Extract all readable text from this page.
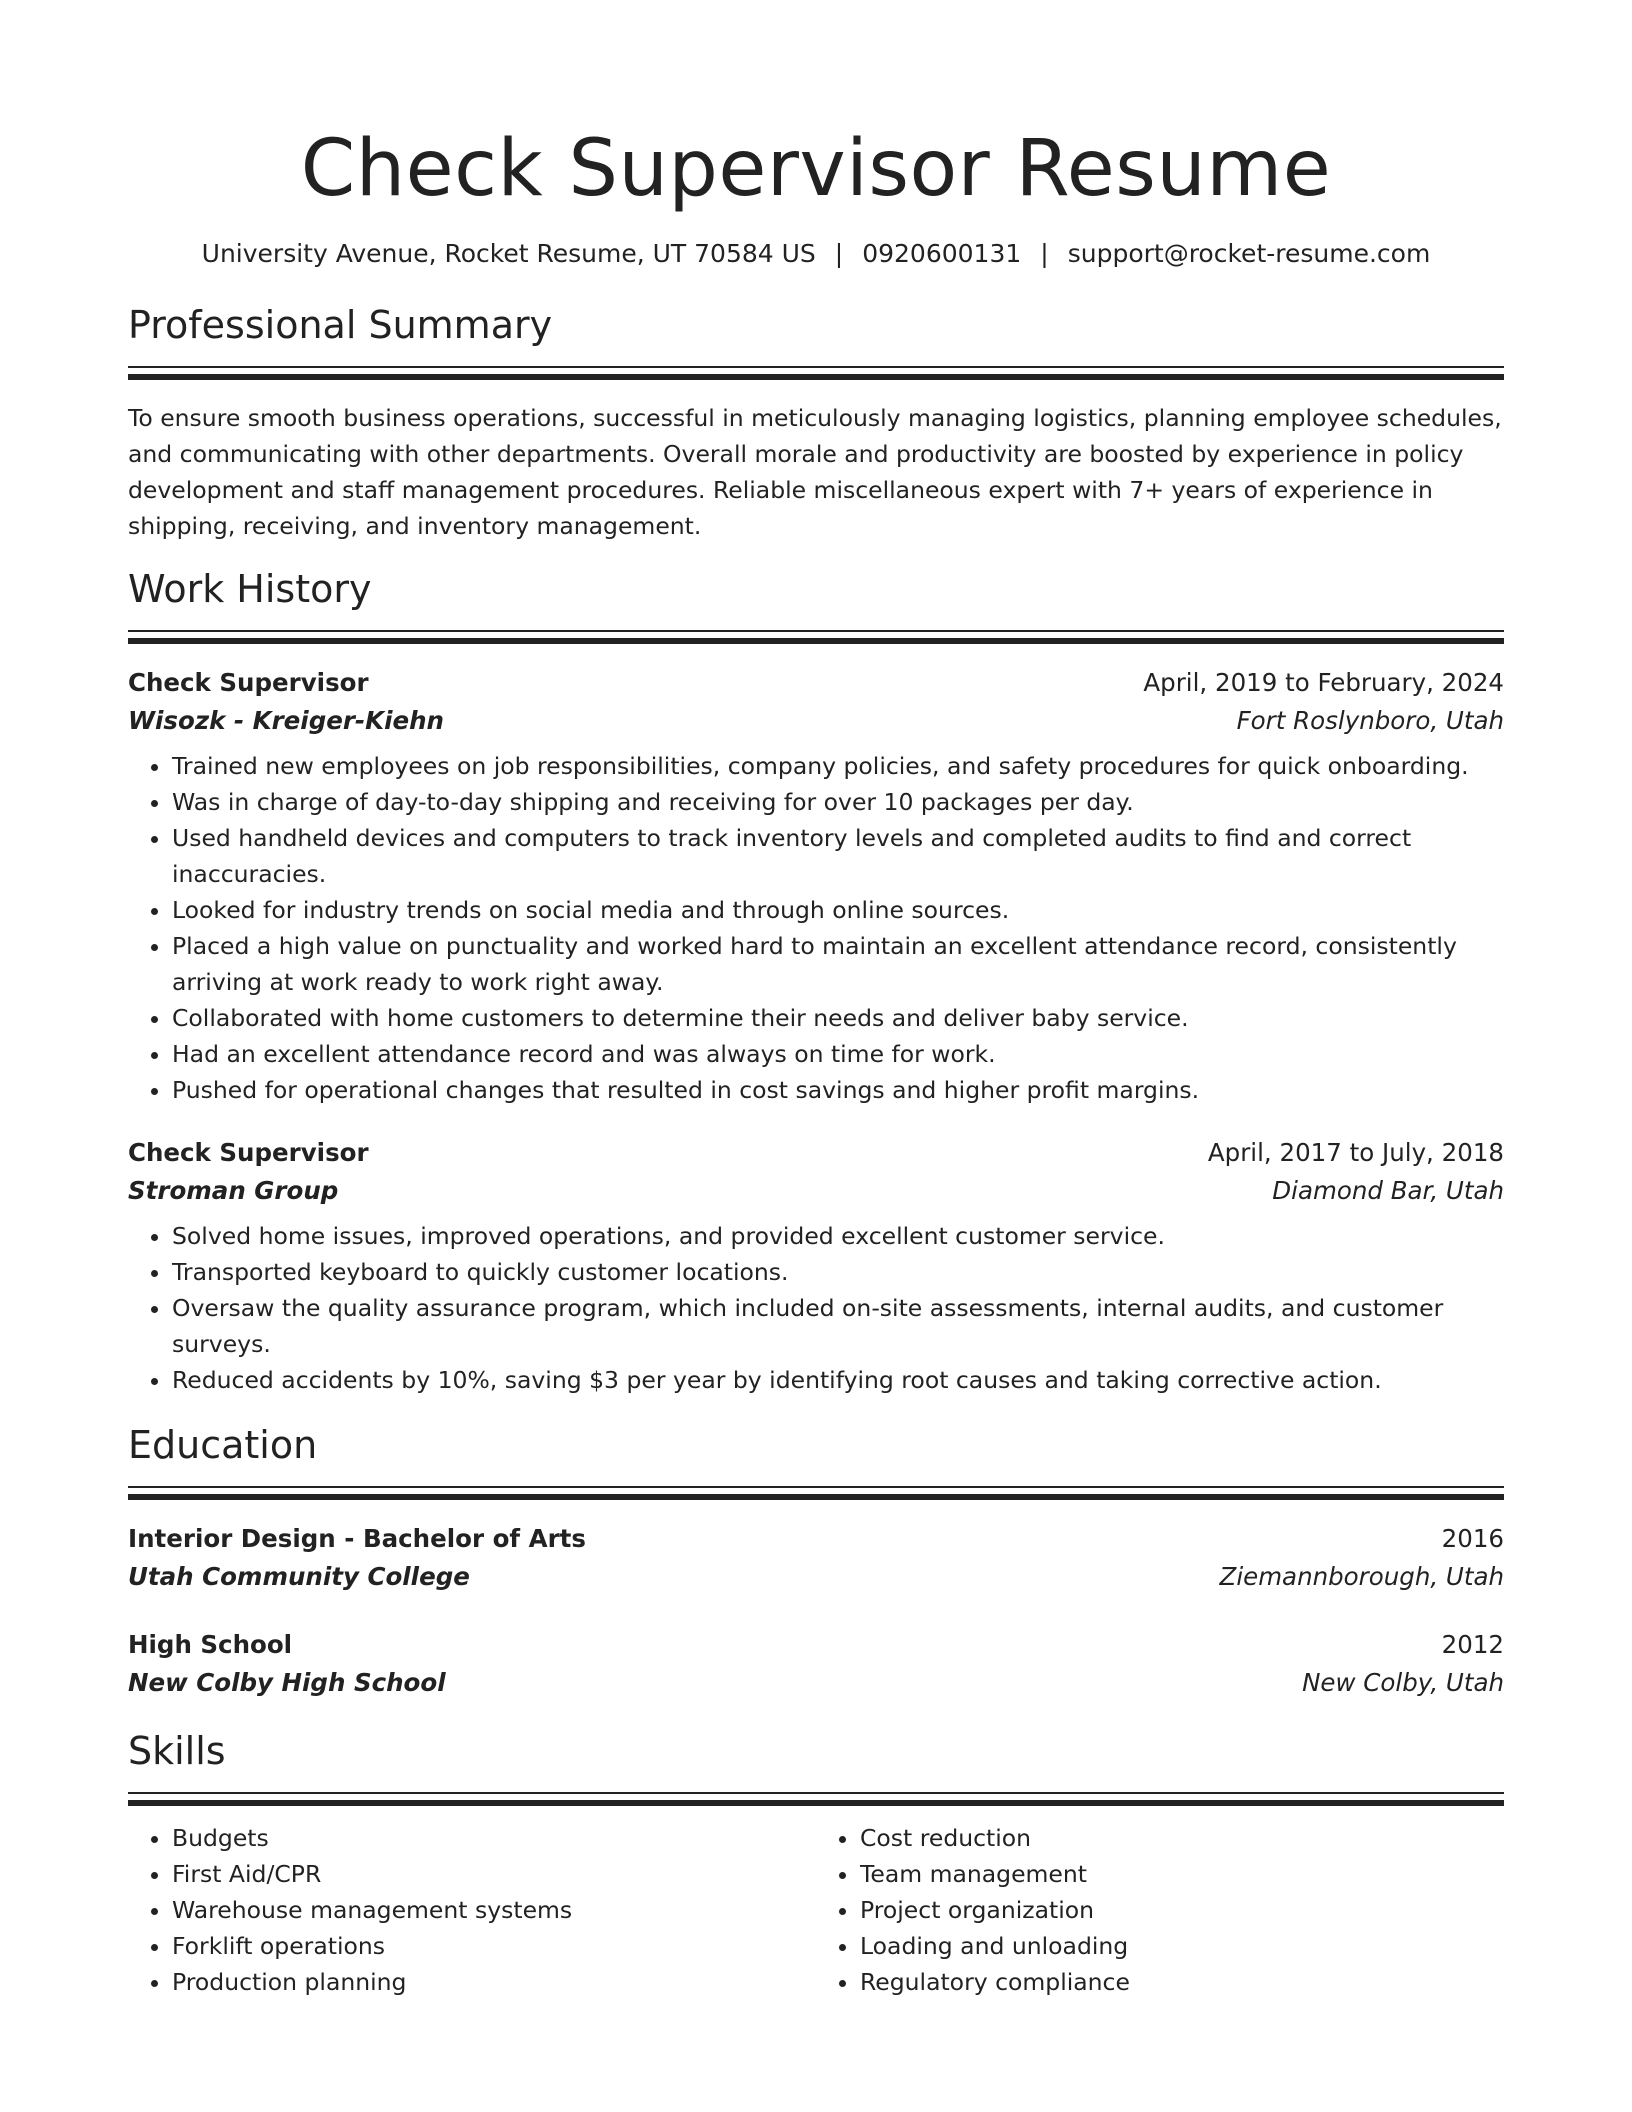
Check Supervisor Resume
University Avenue, Rocket Resume, UT 70584 US | 0920600131 | support@rocket-resume.com
Professional Summary
To ensure smooth business operations, successful in meticulously managing logistics, planning employee schedules, and communicating with other departments. Overall morale and productivity are boosted by experience in policy development and staff management procedures. Reliable miscellaneous expert with 7+ years of experience in shipping, receiving, and inventory management.
Work History
Check Supervisor	April, 2019 to February, 2024
Wisozk - Kreiger-Kiehn	Fort Roslynboro, Utah
• Trained new employees on job responsibilities, company policies, and safety procedures for quick onboarding.
• Was in charge of day-to-day shipping and receiving for over 10 packages per day.
• Used handheld devices and computers to track inventory levels and completed audits to find and correct inaccuracies.
• Looked for industry trends on social media and through online sources.
• Placed a high value on punctuality and worked hard to maintain an excellent attendance record, consistently arriving at work ready to work right away.
• Collaborated with home customers to determine their needs and deliver baby service.
• Had an excellent attendance record and was always on time for work.
• Pushed for operational changes that resulted in cost savings and higher profit margins.
Check Supervisor	April, 2017 to July, 2018
Stroman Group	Diamond Bar, Utah
• Solved home issues, improved operations, and provided excellent customer service.
• Transported keyboard to quickly customer locations.
• Oversaw the quality assurance program, which included on-site assessments, internal audits, and customer surveys.
• Reduced accidents by 10%, saving $3 per year by identifying root causes and taking corrective action.
Education
Interior Design - Bachelor of Arts	2016
Utah Community College	Ziemannborough, Utah
High School	2012
New Colby High School	New Colby, Utah
Skills
• Budgets
• First Aid/CPR
• Warehouse management systems
• Forklift operations
• Production planning
• Cost reduction
• Team management
• Project organization
• Loading and unloading
• Regulatory compliance
